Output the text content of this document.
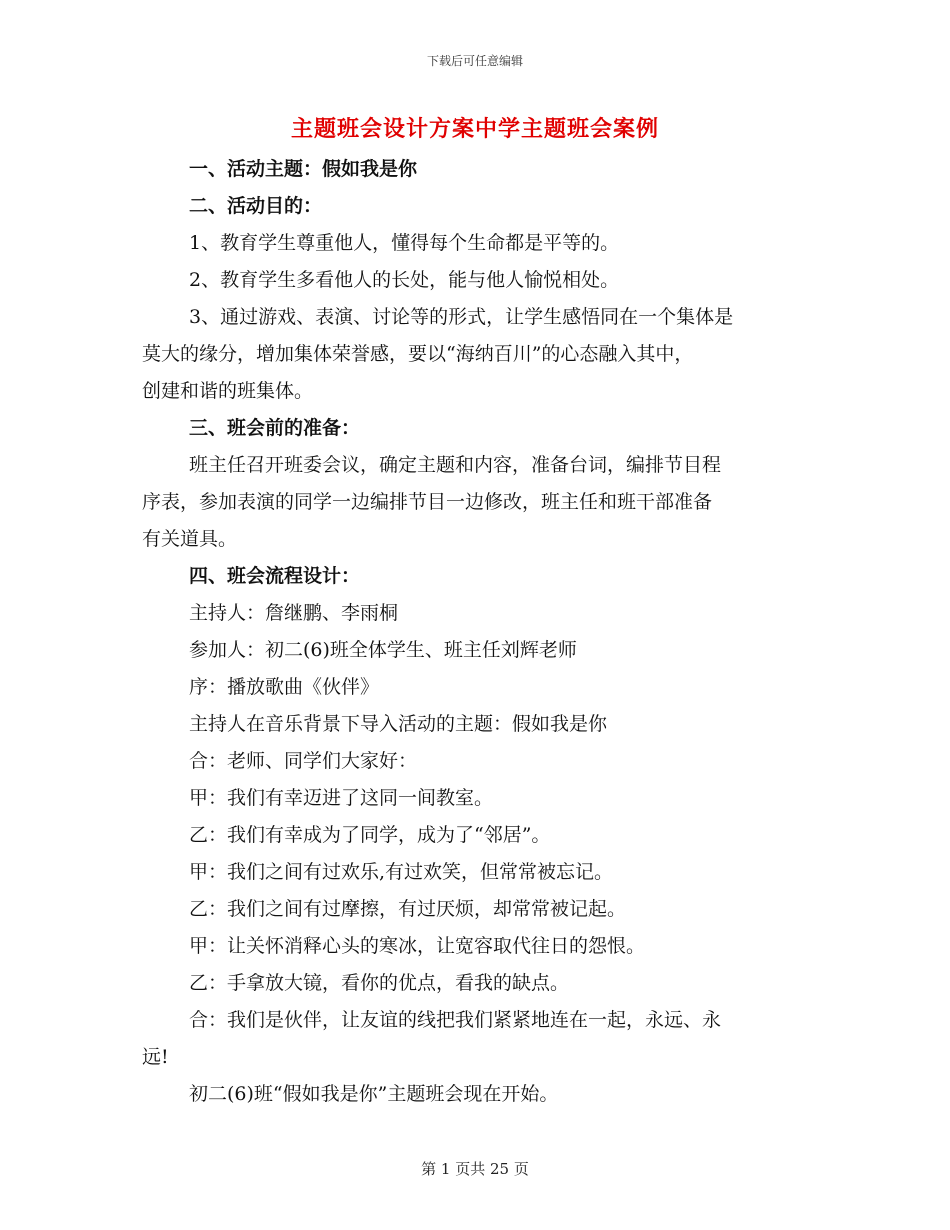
下载后可任意编辑
主题班会设计方案中学主题班会案例

一、活动主题：假如我是你

二、活动目的：

1、教育学生尊重他人，懂得每个生命都是平等的。

2、教育学生多看他人的长处，能与他人愉悦相处。

3、通过游戏、表演、讨论等的形式，让学生感悟同在一个集体是

莫大的缘分，增加集体荣誉感，要以“海纳百川”的心态融入其中，

创建和谐的班集体。

三、班会前的准备：

班主任召开班委会议，确定主题和内容，准备台词，编排节目程

序表，参加表演的同学一边编排节目一边修改，班主任和班干部准备

有关道具。

四、班会流程设计：

主持人：詹继鹏、李雨桐

参加人：初二(6)班全体学生、班主任刘辉老师

序：播放歌曲《伙伴》

主持人在音乐背景下导入活动的主题：假如我是你

合：老师、同学们大家好：

甲：我们有幸迈进了这同一间教室。

乙：我们有幸成为了同学，成为了“邻居”。

甲：我们之间有过欢乐,有过欢笑，但常常被忘记。

乙：我们之间有过摩擦，有过厌烦，却常常被记起。

甲：让关怀消释心头的寒冰，让宽容取代往日的怨恨。

乙：手拿放大镜，看你的优点，看我的缺点。

合：我们是伙伴，让友谊的线把我们紧紧地连在一起，永远、永

远!

初二(6)班“假如我是你”主题班会现在开始。

第 1 页共 25 页
